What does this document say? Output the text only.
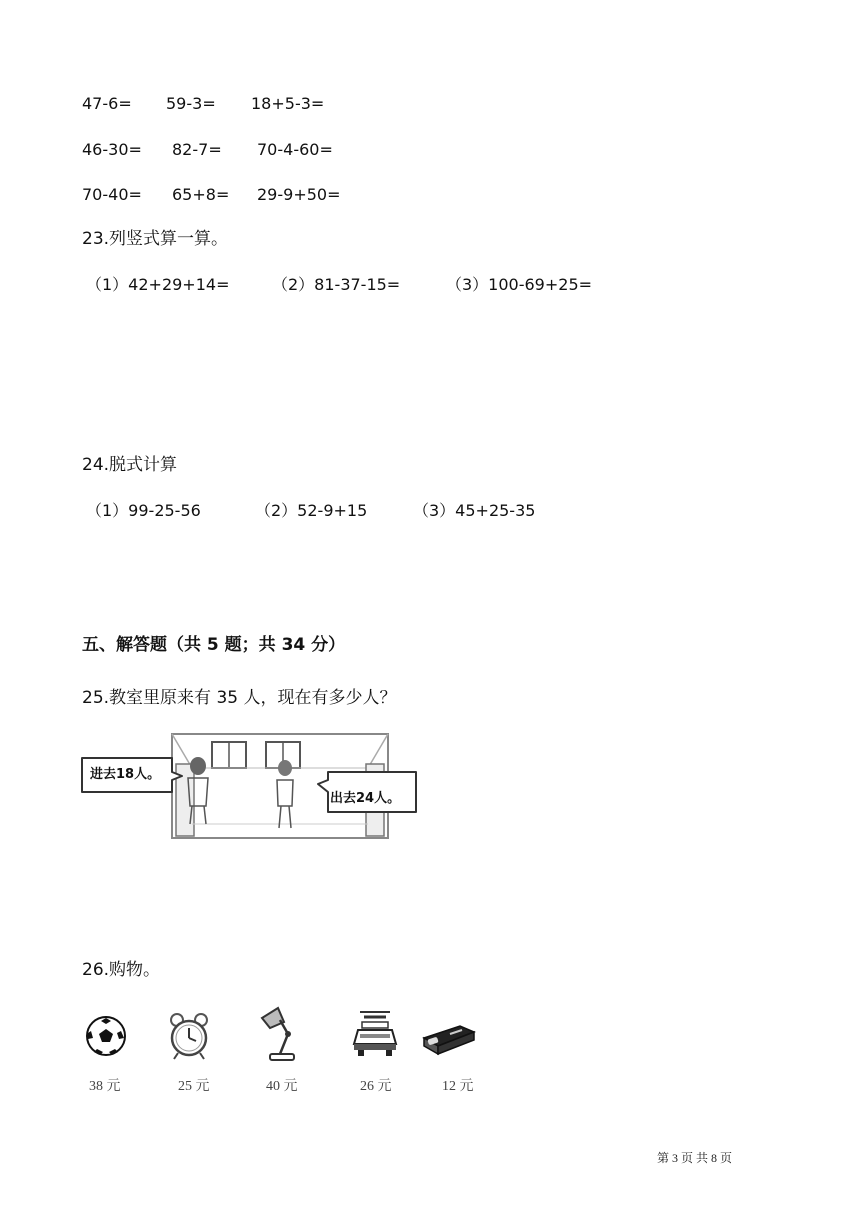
47-6= 59-3= 18+5-3=
46-30= 82-7= 70-4-60=
70-40= 65+8= 29-9+50=
23.列竖式算一算。
（1）42+29+14=	（2）81-37-15=	（3）100-69+25=
24.脱式计算
（1）99-25-56	（2）52-9+15	（3）45+25-35
五、解答题（共 5 题；共 34 分）
25.教室里原来有 35 人，现在有多少人？
进去18人。
出去24人。
26.购物。
38 元	25 元	40 元	26 元	12 元
第 3 页 共 8 页
